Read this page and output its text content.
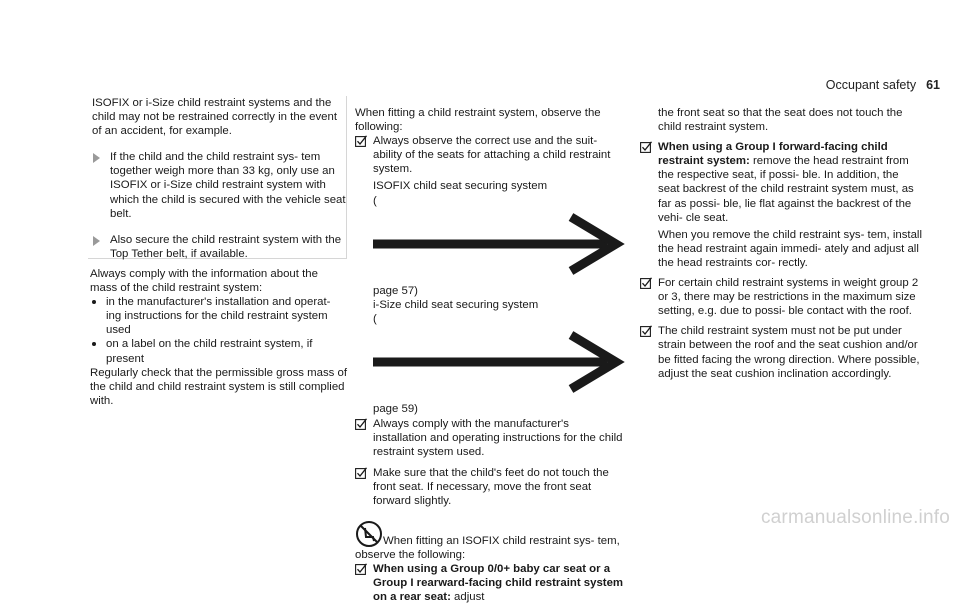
Occupant safety 61

ISOFIX or i-Size child restraint systems and the child may not be restrained correctly in the event of an accident, for example.

If the child and the child restraint sys- tem together weigh more than 33 kg, only use an ISOFIX or i-Size child restraint system with which the child is secured with the vehicle seat belt.

Also secure the child restraint system with the Top Tether belt, if available.

Always comply with the information about the mass of the child restraint system:

in the manufacturer's installation and operat- ing instructions for the child restraint system used

on a label on the child restraint system, if present

Regularly check that the permissible gross mass of the child and child restraint system is still complied with.

When fitting a child restraint system, observe the following:

Always observe the correct use and the suit- ability of the seats for attaching a child restraint system.

ISOFIX child seat securing system

( page 57)

i-Size child seat securing system

( page 59)

Always comply with the manufacturer's installation and operating instructions for the child restraint system used.

Make sure that the child's feet do not touch the front seat. If necessary, move the front seat forward slightly.

When fitting an ISOFIX child restraint sys- tem, observe the following:

When using a Group 0/0+ baby car seat or a Group I rearward-facing child restraint system on a rear seat: adjust

the front seat so that the seat does not touch the child restraint system.

When using a Group I forward-facing child restraint system: remove the head restraint from the respective seat, if possi- ble. In addition, the seat backrest of the child restraint system must, as far as possi- ble, lie flat against the backrest of the vehi- cle seat.

When you remove the child restraint sys- tem, install the head restraint again immedi- ately and adjust all the head restraints cor- rectly.

For certain child restraint systems in weight group 2 or 3, there may be restrictions in the maximum size setting, e.g. due to possi- ble contact with the roof.

The child restraint system must not be put under strain between the roof and the seat cushion and/or be fitted facing the wrong direction. Where possible, adjust the seat cushion inclination accordingly.

carmanualsonline.info
